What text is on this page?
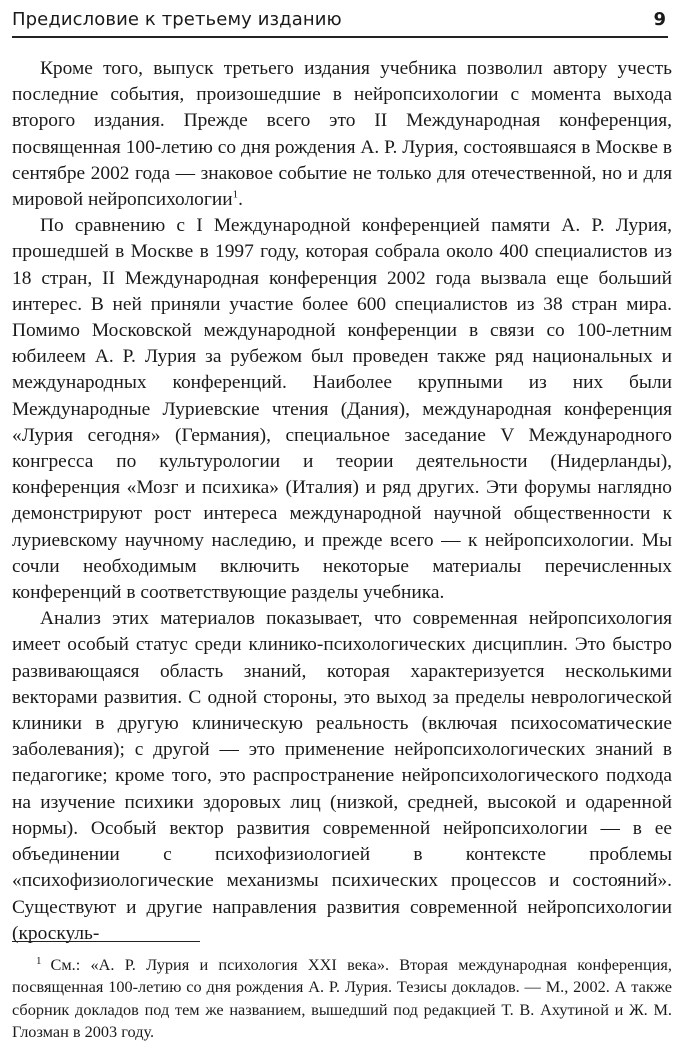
Предисловие к третьему изданию	9

Кроме того, выпуск третьего издания учебника позволил автору учесть последние события, произошедшие в нейропсихологии с момента выхода второго издания. Прежде всего это II Международная конференция, посвященная 100-летию со дня рождения А. Р. Лурия, состоявшаяся в Москве в сентябре 2002 года — знаковое событие не только для отечественной, но и для мировой нейропсихологии$^1$.

По сравнению с I Международной конференцией памяти А. Р. Лурия, прошедшей в Москве в 1997 году, которая собрала около 400 специалистов из 18 стран, II Международная конференция 2002 года вызвала еще больший интерес. В ней приняли участие более 600 специалистов из 38 стран мира. Помимо Московской международной конференции в связи со 100-летним юбилеем А. Р. Лурия за рубежом был проведен также ряд национальных и международных конференций. Наиболее крупными из них были Международные Луриевские чтения (Дания), международная конференция «Лурия сегодня» (Германия), специальное заседание V Международного конгресса по культурологии и теории деятельности (Нидерланды), конференция «Мозг и психика» (Италия) и ряд других. Эти форумы наглядно демонстрируют рост интереса международной научной общественности к луриевскому научному наследию, и прежде всего — к нейропсихологии. Мы сочли необходимым включить некоторые материалы перечисленных конференций в соответствующие разделы учебника.

Анализ этих материалов показывает, что современная нейропсихология имеет особый статус среди клинико-психологических дисциплин. Это быстро развивающаяся область знаний, которая характеризуется несколькими векторами развития. С одной стороны, это выход за пределы неврологической клиники в другую клиническую реальность (включая психосоматические заболевания); с другой — это применение нейропсихологических знаний в педагогике; кроме того, это распространение нейропсихологического подхода на изучение психики здоровых лиц (низкой, средней, высокой и одаренной нормы). Особый вектор развития современной нейропсихологии — в ее объединении с психофизиологией в контексте проблемы «психофизиологические механизмы психических процессов и состояний». Существуют и другие направления развития современной нейропсихологии (кроскуль-

$^1$ См.: «А. Р. Лурия и психология XXI века». Вторая международная конференция, посвященная 100-летию со дня рождения А. Р. Лурия. Тезисы докладов. — М., 2002. А также сборник докладов под тем же названием, вышедший под редакцией Т. В. Ахутиной и Ж. М. Глозман в 2003 году.
